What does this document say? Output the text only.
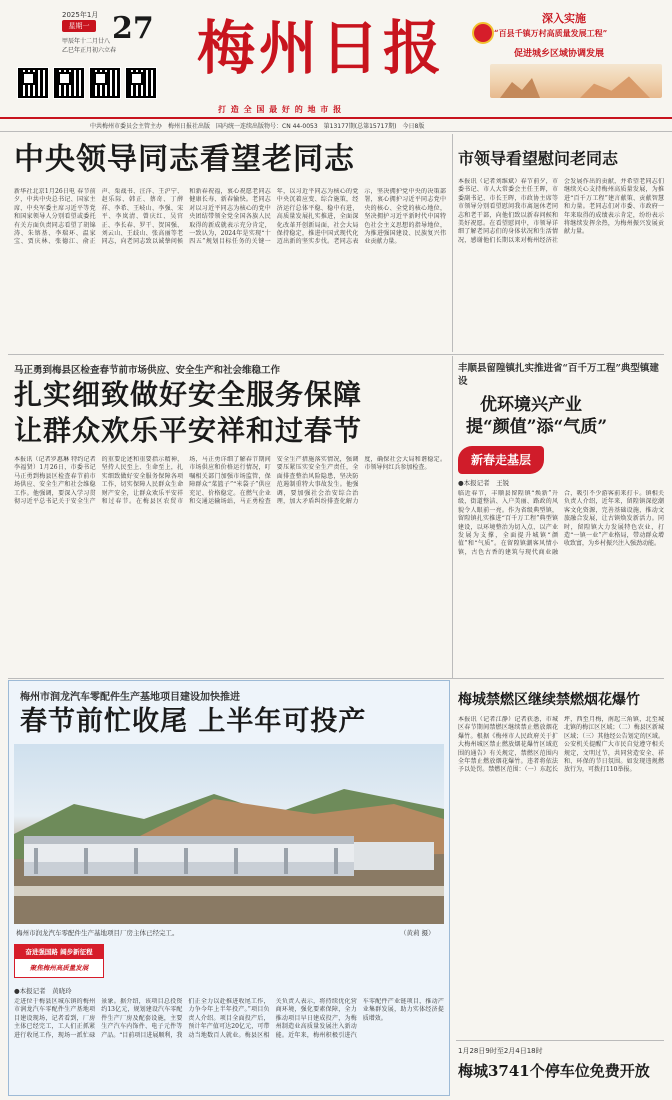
2025年1月
星期一 27
甲辰年十二月廿八
乙巳年正月初六立春 梅州日报
打 造 全 国 最 好 的 地 市 报
深入实施
“百县千镇万村高质量发展工程”
促进城乡区域协调发展
中共梅州市委员会主管主办　梅州日报社出版　国内统一连续出版物号：CN 44-0053　第13177期(总第15717期)　今日8版
中央领导同志看望老同志
新华社北京1月26日电 春节前夕，中共中央总书记、国家主席、中央军委主席习近平等党和国家领导人分别看望或委托有关方面负责同志看望了胡锦涛、朱镕基、李瑞环、温家宝、贾庆林、张德江、俞正声、栗战书、汪洋、王沪宁、赵乐际、韩正、蔡奇、丁薛祥、李希、王岐山、李强、宋平、李岚清、曾庆红、吴官正、李长春、罗干、贺国强、刘云山、王歧山、张高丽等老同志，向老同志致以诚挚问候和新春祝福，衷心祝愿老同志健康长寿、新春愉快。老同志对以习近平同志为核心的党中央团结带领全党全国各族人民取得的新成就表示充分肯定，一致认为，2024年是实现“十四五”规划目标任务的关键一年，以习近平同志为核心的党中央沉着应变、综合施策，经济运行总体平稳、稳中有进，高质量发展扎实推进，全面深化改革开创新局面，社会大局保持稳定，推进中国式现代化迈出新的坚实步伐。老同志表示，坚决拥护党中央的决策部署，衷心拥护习近平同志党中央的核心、全党的核心地位，坚决拥护习近平新时代中国特色社会主义思想的指导地位，为推进强国建设、民族复兴伟业贡献力量。
市领导看望慰问老同志
本报讯（记者刘维斌）春节前夕，市委书记、市人大常委会主任王晖，市委副书记、市长王晖，市政协主席等市领导分别看望慰问我市离退休老同志和老干部，向他们致以新春问候和美好祝愿。在看望慰问中，市领导详细了解老同志们的身体状况和生活情况，感谢他们长期以来对梅州经济社会发展作出的贡献，并希望老同志们继续关心支持梅州高质量发展，为推进“百千万工程”建言献策、贡献智慧和力量。老同志们对市委、市政府一年来取得的成绩表示肯定，纷纷表示将继续发挥余热，为梅州振兴发展贡献力量。
马正勇到梅县区检查春节前市场供应、安全生产和社会维稳工作
扎实细致做好安全服务保障
让群众欢乐平安祥和过春节
本报讯（记者罗惠琳 特约记者李福贤）1月26日，市委书记马正勇到梅县区检查春节前市场供应、安全生产和社会维稳工作。他强调，要深入学习贯彻习近平总书记关于安全生产的重要论述和重要指示精神，坚持人民至上、生命至上，扎实细致做好安全服务保障各项工作，切实保障人民群众生命财产安全，让群众欢乐平安祥和过春节。在梅县区农贸市场，马正勇详细了解春节期间市场供应和价格运行情况，叮嘱相关部门加强市场监管，保障群众“菜篮子”“米袋子”供应充足、价格稳定。在燃气企业和交通运输场站，马正勇检查安全生产措施落实情况，强调要压紧压实安全生产责任，全面排查整治风险隐患，坚决防范遏制重特大事故发生。他强调，要加强社会治安综合治理，加大矛盾纠纷排查化解力度，确保社会大局和谐稳定。市领导何红兵参加检查。
丰顺县留隍镇扎实推进省“百千万工程”典型镇建设
优环境兴产业
提“颜值”添“气质”
新春走基层
●本报记者　王锐
临近春节，丰顺县留隍镇“焕新”升级，街道整洁、入户美丽、路政的风貌令人眼前一亮。作为省级典型镇，留隍镇扎实推进“百千万工程”典型镇建设，以环境整治为切入点、以产业发展为支撑，全面提升城镇“颜值”和“气质”。在留隍镇潮客风情小镇，古色古香的建筑与现代商业融合，吸引不少游客前来打卡。镇相关负责人介绍，近年来，留隍镇深挖潮客文化资源，完善基础设施，推动文旅融合发展，让古镇焕发新活力。同时，留隍镇大力发展特色农业，打造“一镇一业”产业格局，带动群众增收致富，为乡村振兴注入强劲动能。
梅州市润龙汽车零配件生产基地项目建设加快推进
春节前忙收尾 上半年可投产
梅州市润龙汽车零配件生产基地项目厂房主体已经完工。	（黄莉 摄）
奋进强国路 阔步新征程
聚焦梅州高质量发展
●本报记者　黄晓玲
走进位于梅县区城东镇的梅州市润龙汽车零配件生产基地项目建设现场，记者看到，厂房主体已经完工，工人们正抓紧进行收尾工作，现场一派忙碌景象。据介绍，该项目总投资约13亿元，规划建设汽车零配件生产厂房及配套设施，主要生产汽车内饰件、电子元件等产品。“目前项目进展顺利，我们正全力以赴推进收尾工作，力争今年上半年投产。”项目负责人介绍。项目全面投产后，预计年产值可达20亿元，可带动当地数百人就业。梅县区相关负责人表示，将持续优化营商环境，强化要素保障，全力推动项目早日建成投产，为梅州制造业高质量发展注入新动能。近年来，梅州积极引进汽车零配件产业链项目，推动产业集群发展，助力实体经济提质增效。
梅城禁燃区继续禁燃烟花爆竹
本报讯（记者江静）记者获悉，市城区春节期间禁燃区继续禁止燃放烟花爆竹。根据《梅州市人民政府关于扩大梅州城区禁止燃放烟花爆竹区域范围的通告》有关规定，禁燃区范围内全年禁止燃放烟花爆竹。违者将依法予以处罚。禁燃区范围：（一）东起长坪，西至月梅，南起三角镇，北至城北镇的梅江区区域；（二）梅县区新城区域；（三）其他经公告划定的区域。公安机关提醒广大市民自觉遵守相关规定，文明过节，共同营造安全、祥和、环保的节日氛围。如发现违规燃放行为，可拨打110举报。
1月28日9时至2月4日18时
梅城3741个停车位免费开放
